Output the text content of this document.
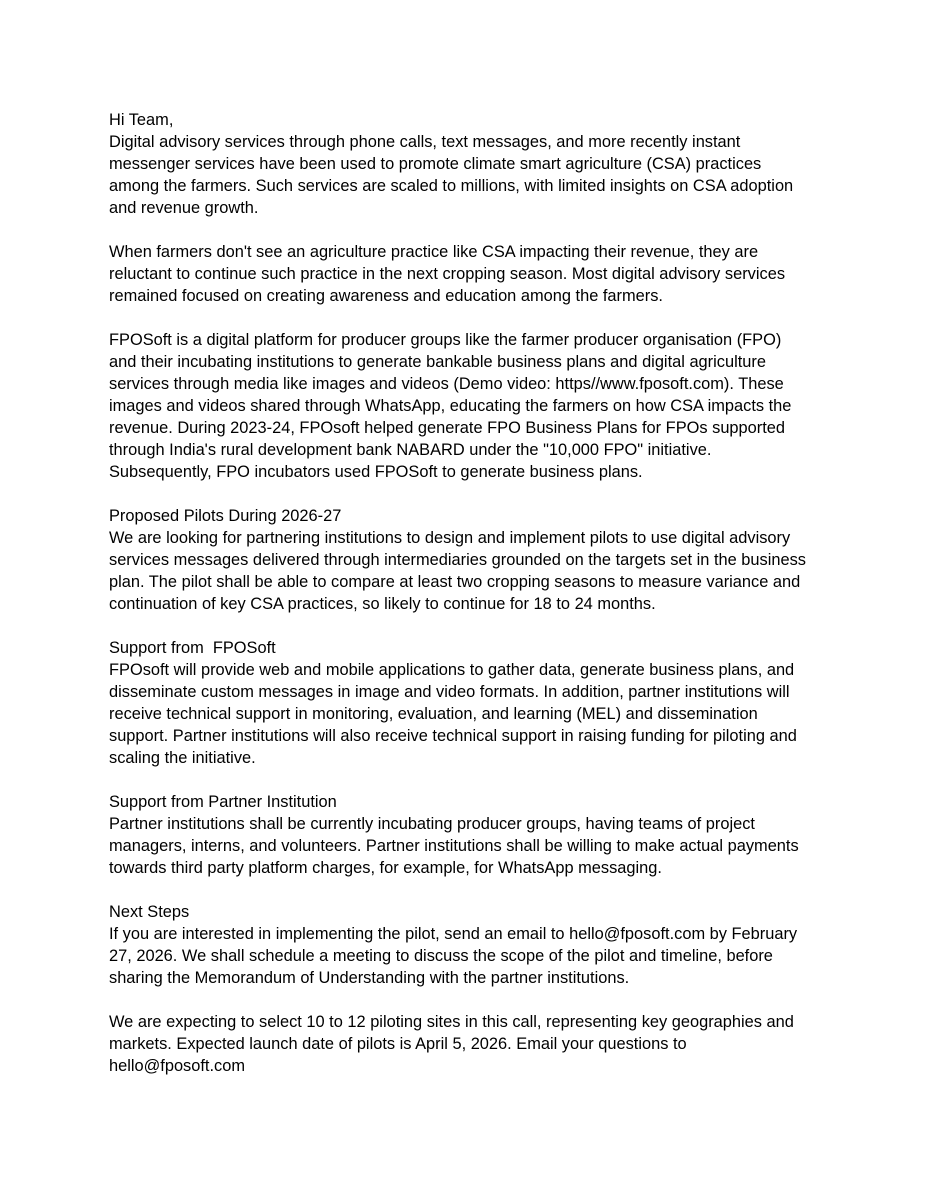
Hi Team,
Digital advisory services through phone calls, text messages, and more recently instant
messenger services have been used to promote climate smart agriculture (CSA) practices
among the farmers. Such services are scaled to millions, with limited insights on CSA adoption
and revenue growth.
When farmers don't see an agriculture practice like CSA impacting their revenue, they are
reluctant to continue such practice in the next cropping season. Most digital advisory services
remained focused on creating awareness and education among the farmers.
FPOSoft is a digital platform for producer groups like the farmer producer organisation (FPO)
and their incubating institutions to generate bankable business plans and digital agriculture
services through media like images and videos (Demo video: https//www.fposoft.com). These
images and videos shared through WhatsApp, educating the farmers on how CSA impacts the
revenue. During 2023-24, FPOsoft helped generate FPO Business Plans for FPOs supported
through India's rural development bank NABARD under the "10,000 FPO" initiative.
Subsequently, FPO incubators used FPOSoft to generate business plans.
Proposed Pilots During 2026-27
We are looking for partnering institutions to design and implement pilots to use digital advisory
services messages delivered through intermediaries grounded on the targets set in the business
plan. The pilot shall be able to compare at least two cropping seasons to measure variance and
continuation of key CSA practices, so likely to continue for 18 to 24 months.
Support from  FPOSoft
FPOsoft will provide web and mobile applications to gather data, generate business plans, and
disseminate custom messages in image and video formats. In addition, partner institutions will
receive technical support in monitoring, evaluation, and learning (MEL) and dissemination
support. Partner institutions will also receive technical support in raising funding for piloting and
scaling the initiative.
Support from Partner Institution
Partner institutions shall be currently incubating producer groups, having teams of project
managers, interns, and volunteers. Partner institutions shall be willing to make actual payments
towards third party platform charges, for example, for WhatsApp messaging.
Next Steps
If you are interested in implementing the pilot, send an email to hello@fposoft.com by February
27, 2026. We shall schedule a meeting to discuss the scope of the pilot and timeline, before
sharing the Memorandum of Understanding with the partner institutions.
We are expecting to select 10 to 12 piloting sites in this call, representing key geographies and
markets. Expected launch date of pilots is April 5, 2026. Email your questions to
hello@fposoft.com
